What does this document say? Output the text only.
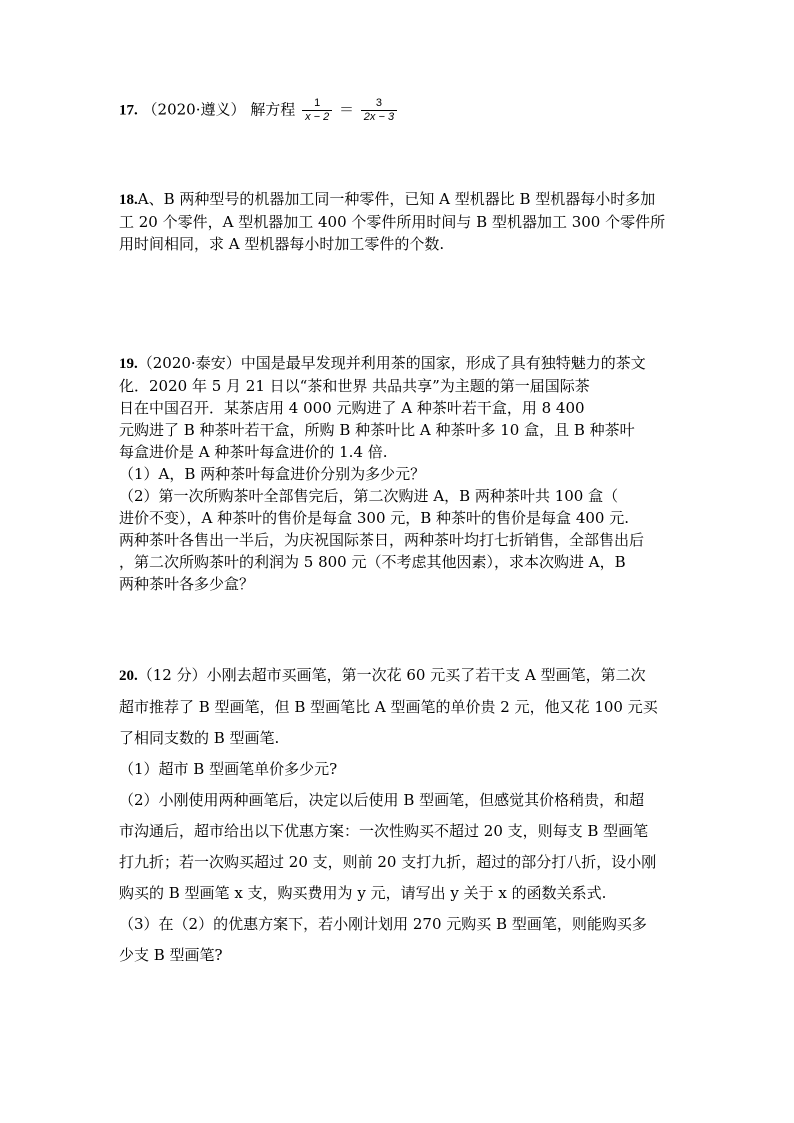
17. （2020·遵义） 解方程 $\frac{1}{x - 2} = \frac{3}{2x - 3}$

18.A、B 两种型号的机器加工同一种零件，已知 A 型机器比 B 型机器每小时多加

工 20 个零件，A 型机器加工 400 个零件所用时间与 B 型机器加工 300 个零件所

用时间相同，求 A 型机器每小时加工零件的个数.

19.（2020·泰安）中国是最早发现并利用茶的国家，形成了具有独特魅力的茶文

化．2020 年 5 月 21 日以“茶和世界 共品共享”为主题的第一届国际茶

日在中国召开．某茶店用 4 000 元购进了 A 种茶叶若干盒，用 8 400

元购进了 B 种茶叶若干盒，所购 B 种茶叶比 A 种茶叶多 10 盒，且 B 种茶叶

每盒进价是 A 种茶叶每盒进价的 1.4 倍.

（1）A，B 两种茶叶每盒进价分别为多少元？

（2）第一次所购茶叶全部售完后，第二次购进 A，B 两种茶叶共 100 盒（

进价不变），A 种茶叶的售价是每盒 300 元，B 种茶叶的售价是每盒 400 元.

两种茶叶各售出一半后，为庆祝国际茶日，两种茶叶均打七折销售，全部售出后

，第二次所购茶叶的利润为 5 800 元（不考虑其他因素），求本次购进 A，B

两种茶叶各多少盒？

20.（12 分）小刚去超市买画笔，第一次花 60 元买了若干支 A 型画笔，第二次

超市推荐了 B 型画笔，但 B 型画笔比 A 型画笔的单价贵 2 元，他又花 100 元买

了相同支数的 B 型画笔.

（1）超市 B 型画笔单价多少元?

（2）小刚使用两种画笔后，决定以后使用 B 型画笔，但感觉其价格稍贵，和超

市沟通后，超市给出以下优惠方案：一次性购买不超过 20 支，则每支 B 型画笔

打九折；若一次购买超过 20 支，则前 20 支打九折，超过的部分打八折，设小刚

购买的 B 型画笔 x 支，购买费用为 y 元，请写出 y 关于 x 的函数关系式.

（3）在（2）的优惠方案下，若小刚计划用 270 元购买 B 型画笔，则能购买多

少支 B 型画笔?
